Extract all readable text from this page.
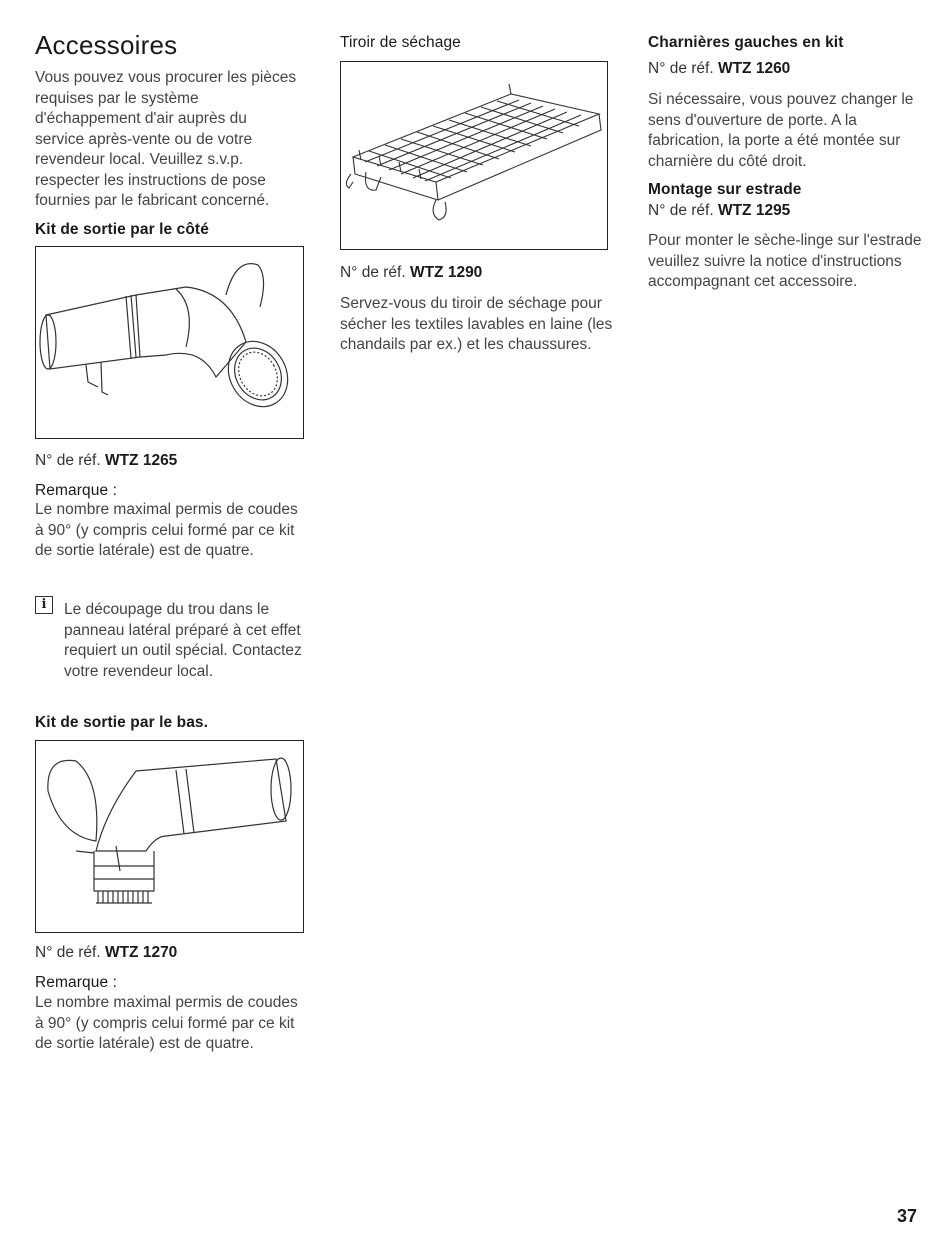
Accessoires

Vous pouvez vous procurer les pièces requises par le système d'échappement d'air auprès du service après-vente ou de votre revendeur local. Veuillez s.v.p. respecter les instructions de pose fournies par le fabricant concerné.

Kit de sortie par le côté

N° de réf. WTZ 1265

Remarque :

Le nombre maximal permis de coudes à 90° (y compris celui formé par ce kit de sortie latérale) est de quatre.

i	Le découpage du trou dans le panneau latéral préparé à cet effet requiert un outil spécial. Contactez votre revendeur local.

Kit de sortie par le bas.

N° de réf. WTZ 1270

Remarque :

Le nombre maximal permis de coudes à 90° (y compris celui formé par ce kit de sortie latérale) est de quatre.

Tiroir de séchage

N° de réf. WTZ 1290

Servez-vous du tiroir de séchage pour sécher les textiles lavables en laine (les chandails par ex.) et les chaussures.

Charnières gauches en kit

N° de réf. WTZ 1260

Si nécessaire, vous pouvez changer le sens d'ouverture de porte. A la fabrication, la porte a été montée sur charnière du côté droit.

Montage sur estrade

N° de réf. WTZ 1295

Pour monter le sèche-linge sur l'estrade veuillez suivre la notice d'instructions accompagnant cet accessoire.

37
